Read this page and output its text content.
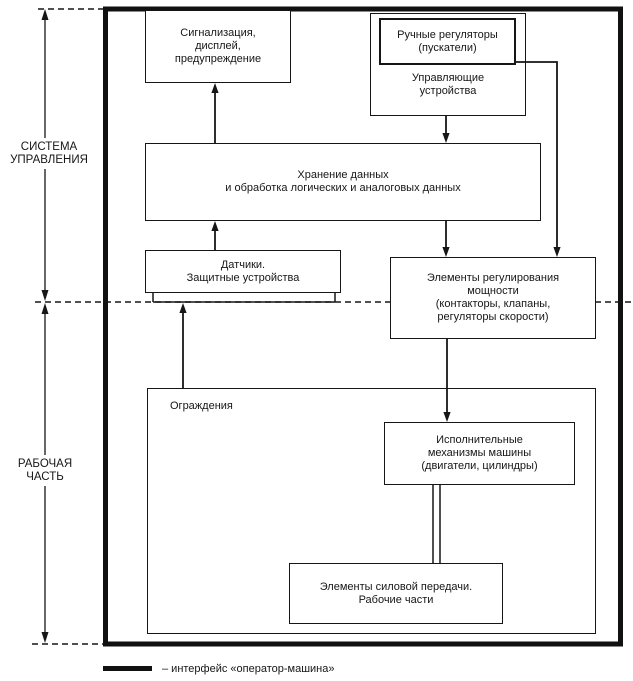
СИСТЕМА
УПРАВЛЕНИЯ
РАБОЧАЯ
ЧАСТЬ
Сигнализация,
дисплей,
предупреждение
Ручные регуляторы
(пускатели)
Управляющие
устройства
Хранение данных
и обработка логических и аналоговых данных
Датчики.
Защитные устройства	Элементы регулирования
мощности
(контакторы, клапаны,
регуляторы скорости)
Ограждения
Исполнительные
механизмы машины
(двигатели, цилиндры)
Элементы силовой передачи.
Рабочие части
– интерфейс «оператор-машина»
